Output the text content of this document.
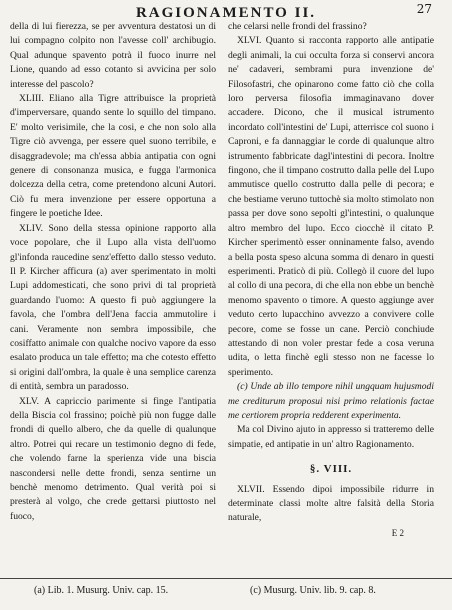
RAGIONAMENTO II.	27

della di lui fierezza, se per avventura destatosi un di lui compagno colpito non l'avesse coll' archibugio. Qual adunque spavento potrà il fuoco inurre nel Lione, quando ad esso cotanto si avvicina per solo interesse del pascolo?

XLIII. Eliano alla Tigre attribuisce la proprietà d'imperversare, quando sente lo squillo del timpano. E' molto verisimile, che la cosi, e che non solo alla Tigre ciò avvenga, per essere quel suono terribile, e disaggradevole; ma ch'essa abbia antipatia con ogni genere di consonanza musica, e fugga l'armonica dolcezza della cetra, come pretendono alcuni Autori. Ciò fu mera invenzione per essere opportuna a fingere le poetiche Idee.

XLIV. Sono della stessa opinione rapporto alla voce popolare, che il Lupo alla vista dell'uomo gl'infonda raucedine senz'effetto dallo stesso veduto. Il P. Kircher afficura (a) aver sperimentato in molti Lupi addomesticati, che sono privi di tal proprietà guardando l'uomo: A questo fi può aggiungere la favola, che l'ombra dell'Jena faccia ammutolire i cani. Veramente non sembra impossibile, che cosiffatto animale con qualche nocivo vapore da esso esalato produca un tale effetto; ma che cotesto effetto si origini dall'ombra, la quale è una semplice carenza di entità, sembra un paradosso.

XLV. A capriccio parimente si finge l'antipatia della Biscia col frassino; poichè più non fugge dalle frondi di quello albero, che da quelle di qualunque altro. Potrei qui recare un testimonio degno di fede, che volendo farne la sperienza vide una biscia nascondersi nelle dette frondi, senza sentirne un benchè menomo detrimento. Qual verità poi si presterà al volgo, che crede gettarsi piuttosto nel fuoco,

che celarsi nelle frondi del frassino?

XLVI. Quanto si racconta rapporto alle antipatie degli animali, la cui occulta forza si conservi ancora ne' cadaveri, sembrami pura invenzione de' Filosofastri, che opinarono come fatto ciò che colla loro perversa filosofia immaginavano dover accadere. Dicono, che il musical istrumento incordato coll'intestini de' Lupi, atterrisce col suono i Caproni, e fa dannaggiar le corde di qualunque altro istrumento fabbricate dagl'intestini di pecora. Inoltre fingono, che il timpano costrutto dalla pelle del Lupo ammutisce quello costrutto dalla pelle di pecora; e che bestiame veruno tuttochè sia molto stimolato non passa per dove sono sepolti gl'intestini, o qualunque altro membro del lupo. Ecco ciocchè il citato P. Kircher sperimentò esser onninamente falso, avendo a bella posta speso alcuna somma di denaro in questi esperimenti. Praticò di più. Collegò il cuore del lupo al collo di una pecora, di che ella non ebbe un benchè menomo spavento o timore. A questo aggiunge aver veduto certo lupacchino avvezzo a convivere colle pecore, come se fosse un cane. Perciò conchiude attestando di non voler prestar fede a cosa veruna udita, o letta finchè egli stesso non ne facesse lo sperimento.

(c) Unde ab illo tempore nihil ungquam hujusmodi me crediturum proposui nisi primo relationis factae me certiorem propria redderent experimenta.

Ma col Divino ajuto in appresso si tratteremo delle simpatie, ed antipatie in un' altro Ragionamento.

§. VIII.

XLVII. Essendo dipoi impossibile ridurre in determinate classi molte altre falsità della Storia naturale,

E 2
(a) Lib. 1. Musurg. Univ. cap. 15.	(c) Musurg. Univ. lib. 9. cap. 8.
